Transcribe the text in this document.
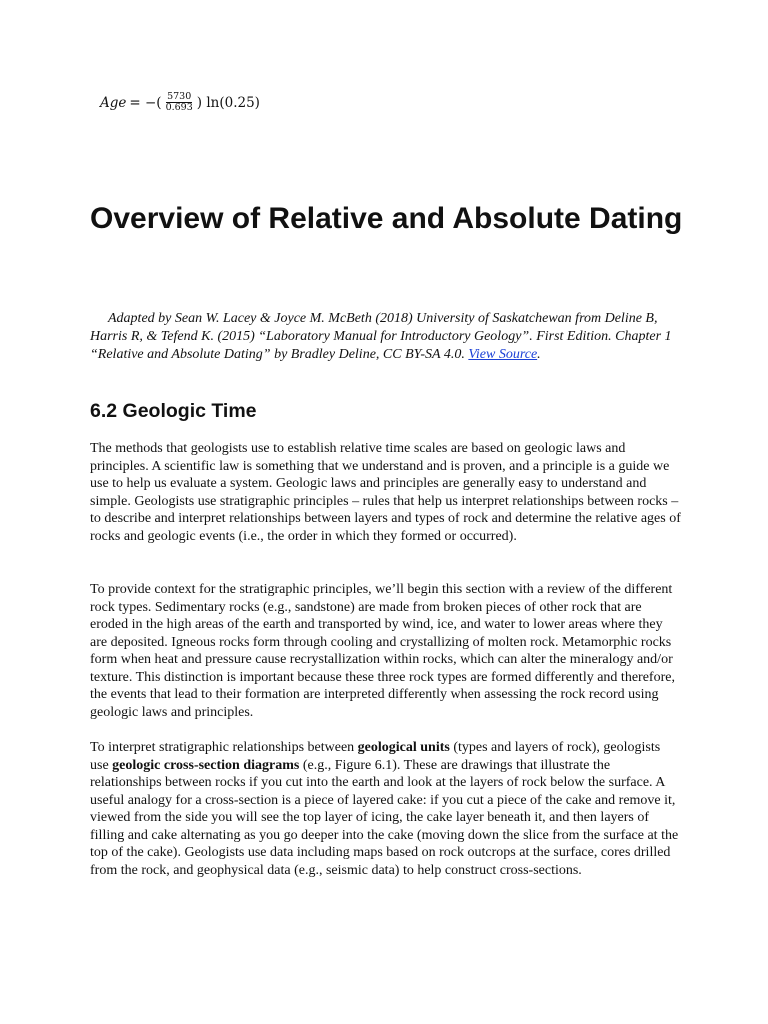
Age = −( $\frac{5730}{0.693}$ ) ln(0.25)
Overview of Relative and Absolute Dating

Adapted by Sean W. Lacey & Joyce M. McBeth (2018) University of Saskatchewan from Deline B, Harris R, & Tefend K. (2015) “Laboratory Manual for Introductory Geology”. First Edition. Chapter 1 “Relative and Absolute Dating” by Bradley Deline, CC BY-SA 4.0. View Source.

6.2 Geologic Time

The methods that geologists use to establish relative time scales are based on geologic laws and principles. A scientific law is something that we understand and is proven, and a principle is a guide we use to help us evaluate a system. Geologic laws and principles are generally easy to understand and simple. Geologists use stratigraphic principles – rules that help us interpret relationships between rocks – to describe and interpret relationships between layers and types of rock and determine the relative ages of rocks and geologic events (i.e., the order in which they formed or occurred).

To provide context for the stratigraphic principles, we’ll begin this section with a review of the different rock types. Sedimentary rocks (e.g., sandstone) are made from broken pieces of other rock that are eroded in the high areas of the earth and transported by wind, ice, and water to lower areas where they are deposited. Igneous rocks form through cooling and crystallizing of molten rock. Metamorphic rocks form when heat and pressure cause recrystallization within rocks, which can alter the mineralogy and/or texture. This distinction is important because these three rock types are formed differently and therefore, the events that lead to their formation are interpreted differently when assessing the rock record using geologic laws and principles.

To interpret stratigraphic relationships between geological units (types and layers of rock), geologists use geologic cross-section diagrams (e.g., Figure 6.1). These are drawings that illustrate the relationships between rocks if you cut into the earth and look at the layers of rock below the surface. A useful analogy for a cross-section is a piece of layered cake: if you cut a piece of the cake and remove it, viewed from the side you will see the top layer of icing, the cake layer beneath it, and then layers of filling and cake alternating as you go deeper into the cake (moving down the slice from the surface at the top of the cake). Geologists use data including maps based on rock outcrops at the surface, cores drilled from the rock, and geophysical data (e.g., seismic data) to help construct cross-sections.
